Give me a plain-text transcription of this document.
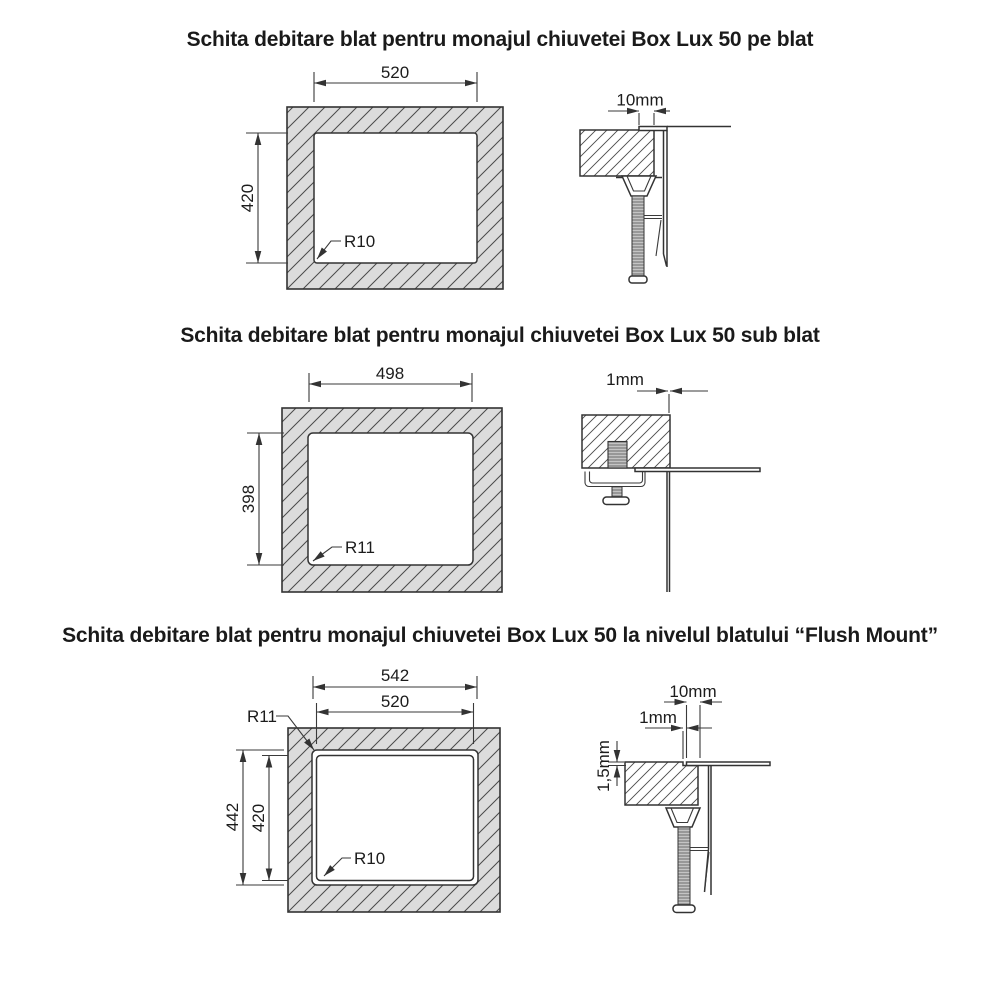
Schita debitare blat pentru monajul chiuvetei Box Lux 50 pe blat
Schita debitare blat pentru monajul chiuvetei Box Lux 50 sub blat
Schita debitare blat pentru monajul chiuvetei Box Lux 50 la nivelul blatului “Flush Mount”
520
420
R10
10mm
498
398
R11
1mm
542
520
442 420
R11
R10
10mm
1mm
1,5mm
